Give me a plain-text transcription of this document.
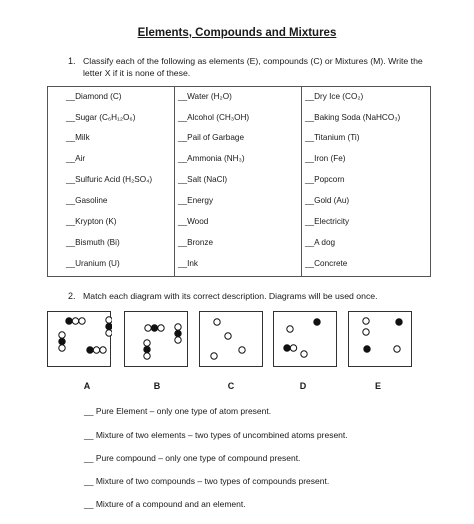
Elements, Compounds and Mixtures
1. Classify each of the following as elements (E), compounds (C) or Mixtures (M). Write the letter X if it is none of these.
__Diamond (C)
__Sugar (C₆H₁₂O₆)
__Milk
__Air
__Sulfuric Acid (H₂SO₄)
__Gasoline
__Krypton (K)
__Bismuth (Bi)
__Uranium (U)
__Water (H₂O)
__Alcohol (CH₃OH)
__Pail of Garbage
__Ammonia (NH₃)
__Salt (NaCl)
__Energy
__Wood
__Bronze
__Ink
__Dry Ice (CO₂)
__Baking Soda (NaHCO₃)
__Titanium (Ti)
__Iron (Fe)
__Popcorn
__Gold (Au)
__Electricity
__A dog
__Concrete
2. Match each diagram with its correct description. Diagrams will be used once.
A	B	C	D	E
__ Pure Element – only one type of atom present.
__ Mixture of two elements – two types of uncombined atoms present.
__ Pure compound – only one type of compound present.
__ Mixture of two compounds – two types of compounds present.
__ Mixture of a compound and an element.
